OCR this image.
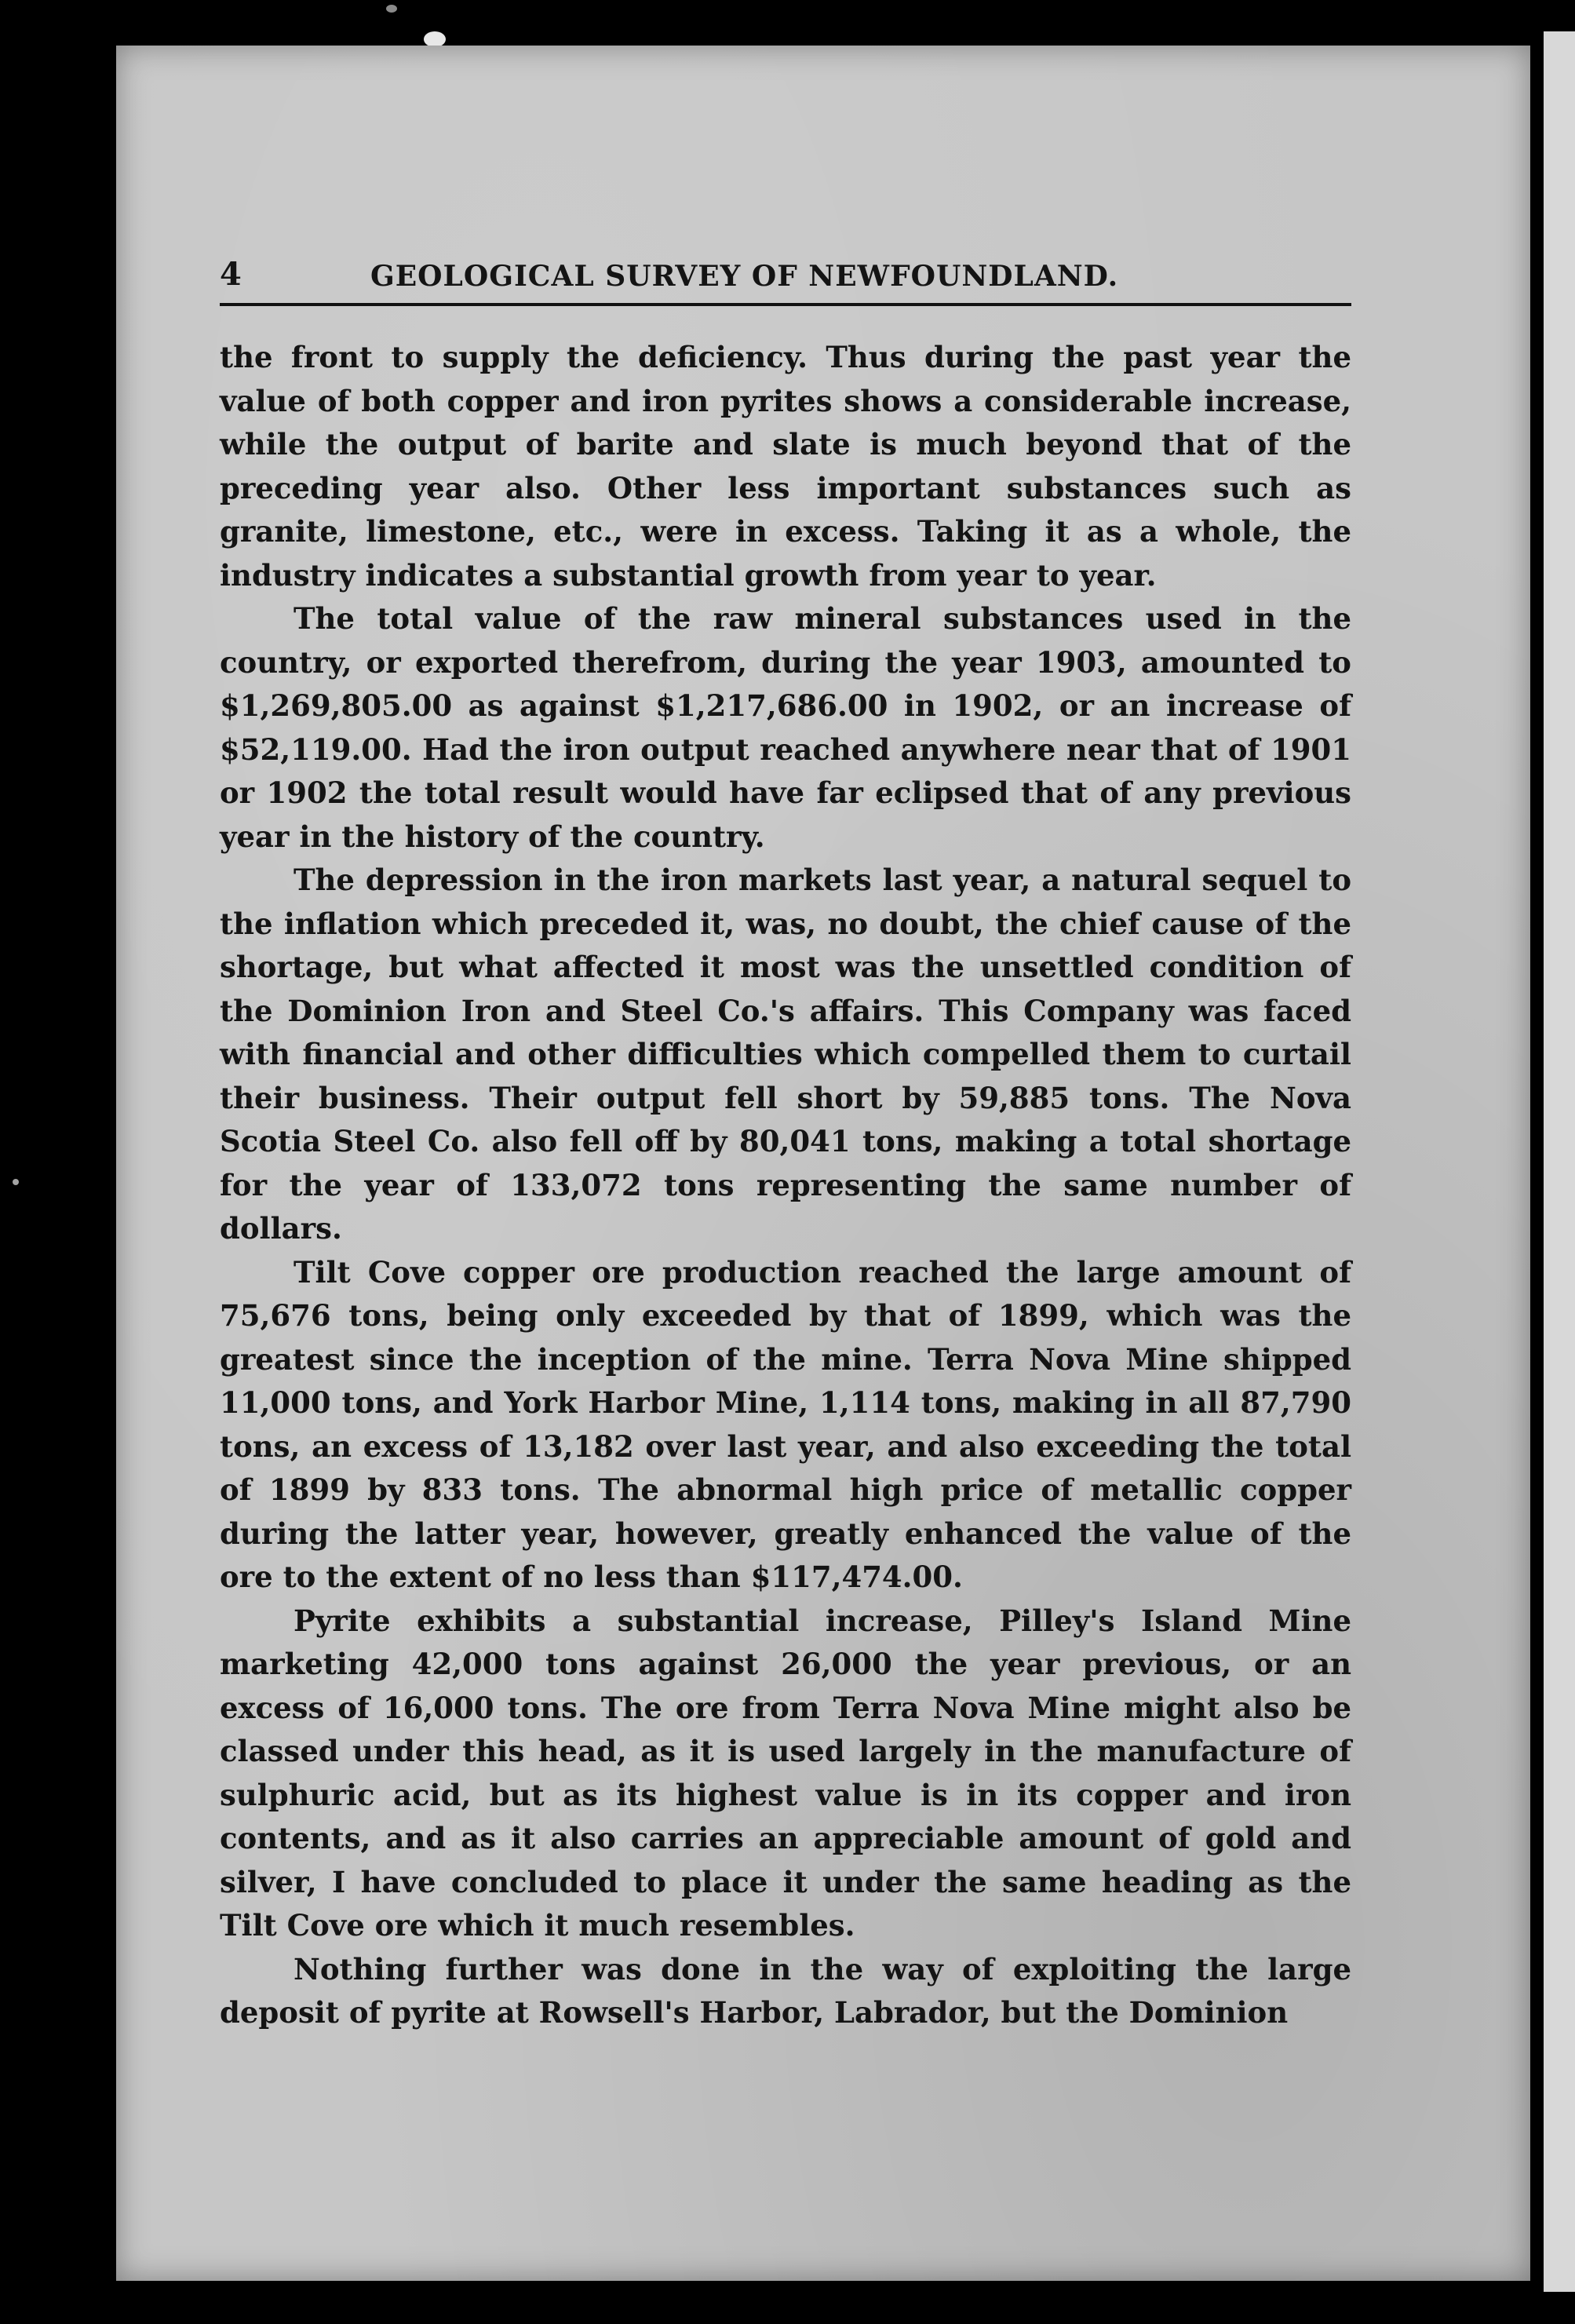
4	GEOLOGICAL SURVEY OF NEWFOUNDLAND.

the front to supply the deficiency. Thus during the past year the value of both copper and iron pyrites shows a considerable increase, while the output of barite and slate is much beyond that of the preceding year also. Other less important substances such as granite, limestone, etc., were in excess. Taking it as a whole, the industry indicates a substantial growth from year to year.

The total value of the raw mineral substances used in the country, or exported therefrom, during the year 1903, amounted to $1,269,805.00 as against $1,217,686.00 in 1902, or an increase of $52,119.00. Had the iron output reached anywhere near that of 1901 or 1902 the total result would have far eclipsed that of any previous year in the history of the country.

The depression in the iron markets last year, a natural sequel to the inflation which preceded it, was, no doubt, the chief cause of the shortage, but what affected it most was the unsettled condition of the Dominion Iron and Steel Co.'s affairs. This Company was faced with financial and other difficulties which compelled them to curtail their business. Their output fell short by 59,885 tons. The Nova Scotia Steel Co. also fell off by 80,041 tons, making a total shortage for the year of 133,072 tons representing the same number of dollars.

Tilt Cove copper ore production reached the large amount of 75,676 tons, being only exceeded by that of 1899, which was the greatest since the inception of the mine. Terra Nova Mine shipped 11,000 tons, and York Harbor Mine, 1,114 tons, making in all 87,790 tons, an excess of 13,182 over last year, and also exceeding the total of 1899 by 833 tons. The abnormal high price of metallic copper during the latter year, however, greatly enhanced the value of the ore to the extent of no less than $117,474.00.

Pyrite exhibits a substantial increase, Pilley's Island Mine marketing 42,000 tons against 26,000 the year previous, or an excess of 16,000 tons. The ore from Terra Nova Mine might also be classed under this head, as it is used largely in the manufacture of sulphuric acid, but as its highest value is in its copper and iron contents, and as it also carries an appreciable amount of gold and silver, I have concluded to place it under the same heading as the Tilt Cove ore which it much resembles.

Nothing further was done in the way of exploiting the large deposit of pyrite at Rowsell's Harbor, Labrador, but the Dominion
